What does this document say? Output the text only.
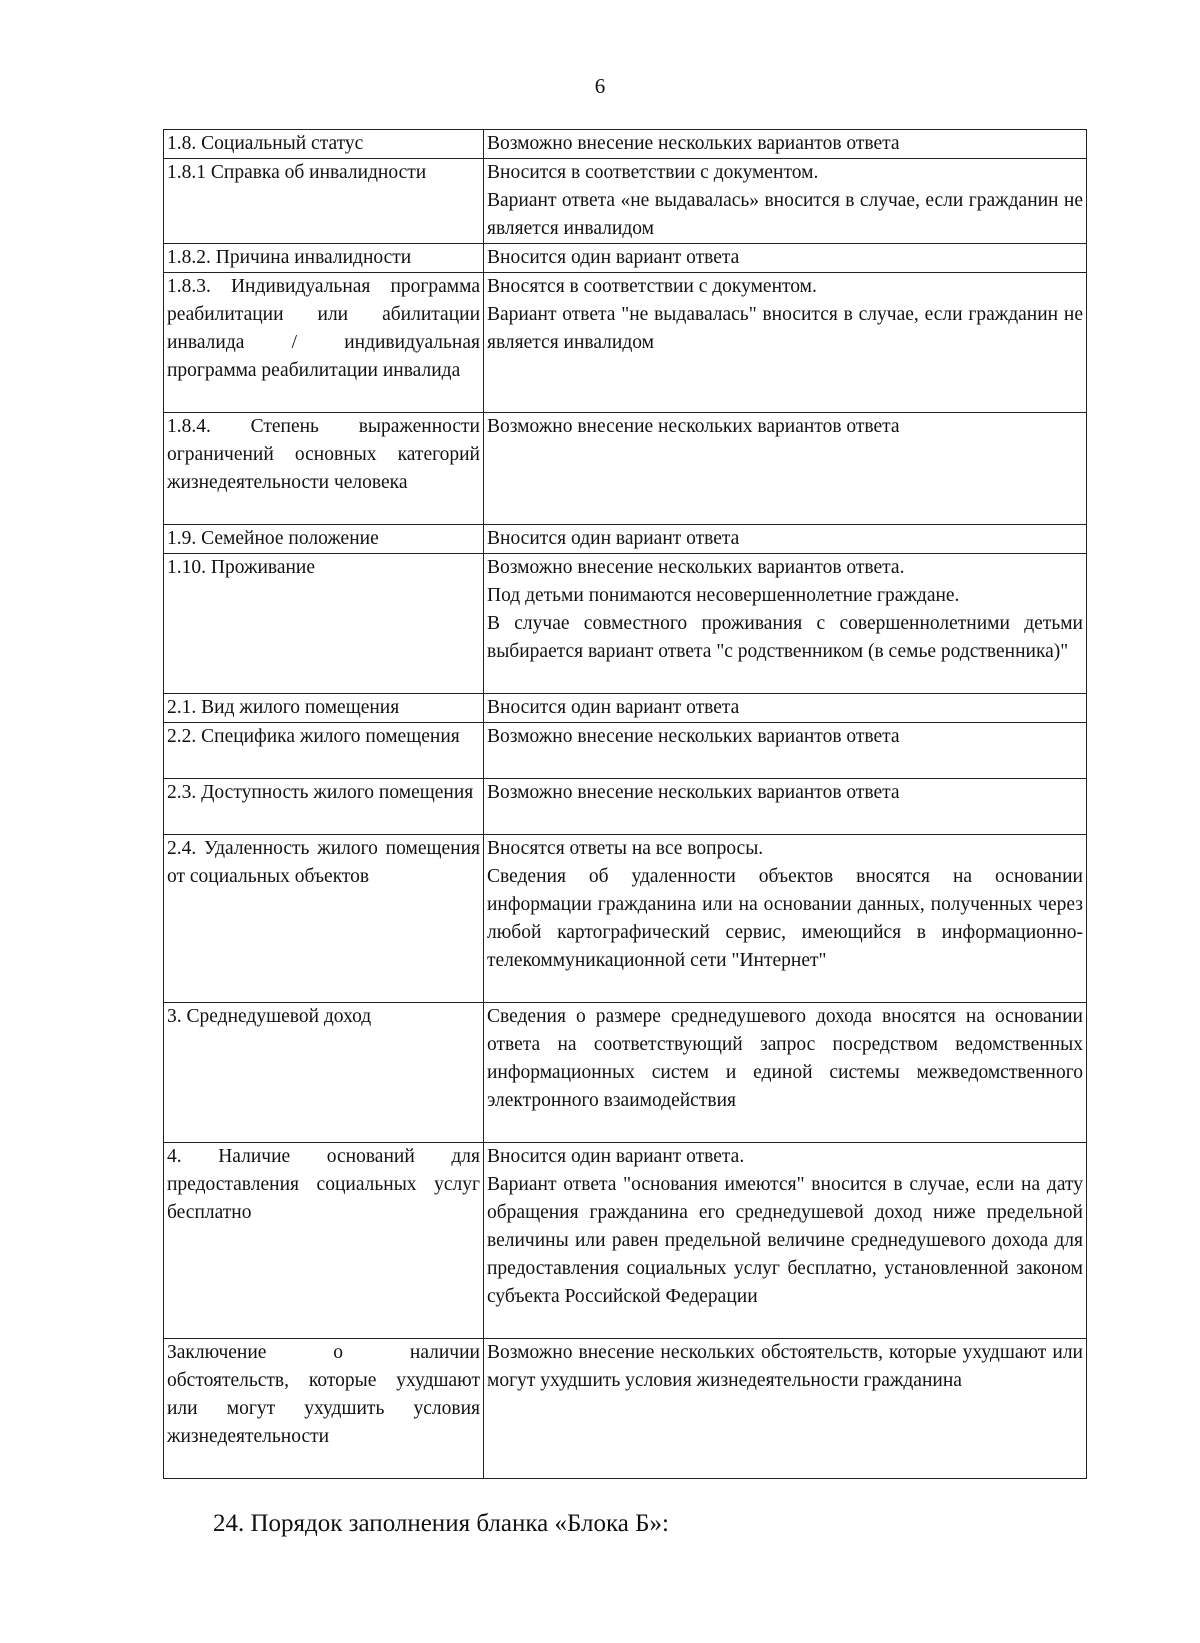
6
1.8. Социальный статус	Возможно внесение нескольких вариантов ответа

1.8.1 Справка об инвалидности	Вносится в соответствии с документом.
Вариант ответа «не выдавалась» вносится в случае, если гражданин не является инвалидом

1.8.2. Причина инвалидности	Вносится один вариант ответа

1.8.3. Индивидуальная программа реабилитации или абилитации инвалида / индивидуальная программа реабилитации инвалида	Вносятся в соответствии с документом.
Вариант ответа "не выдавалась" вносится в случае, если гражданин не является инвалидом

1.8.4. Степень выраженности ограничений основных категорий жизнедеятельности человека	Возможно внесение нескольких вариантов ответа

1.9. Семейное положение	Вносится один вариант ответа

1.10. Проживание	Возможно внесение нескольких вариантов ответа.
Под детьми понимаются несовершеннолетние граждане.
В случае совместного проживания с совершеннолетними детьми выбирается вариант ответа "с родственником (в семье родственника)"

2.1. Вид жилого помещения	Вносится один вариант ответа

2.2. Специфика жилого помещения	Возможно внесение нескольких вариантов ответа

2.3. Доступность жилого помещения	Возможно внесение нескольких вариантов ответа

2.4. Удаленность жилого помещения от социальных объектов	Вносятся ответы на все вопросы.
Сведения об удаленности объектов вносятся на основании информации гражданина или на основании данных, полученных через любой картографический сервис, имеющийся в информационно-телекоммуникационной сети "Интернет"

3. Среднедушевой доход	Сведения о размере среднедушевого дохода вносятся на основании ответа на соответствующий запрос посредством ведомственных информационных систем и единой системы межведомственного электронного взаимодействия

4. Наличие оснований для предоставления социальных услуг бесплатно	Вносится один вариант ответа.
Вариант ответа "основания имеются" вносится в случае, если на дату обращения гражданина его среднедушевой доход ниже предельной величины или равен предельной величине среднедушевого дохода для предоставления социальных услуг бесплатно, установленной законом субъекта Российской Федерации

Заключение о наличии обстоятельств, которые ухудшают или могут ухудшить условия жизнедеятельности	Возможно внесение нескольких обстоятельств, которые ухудшают или могут ухудшить условия жизнедеятельности гражданина
24. Порядок заполнения бланка «Блока Б»:
